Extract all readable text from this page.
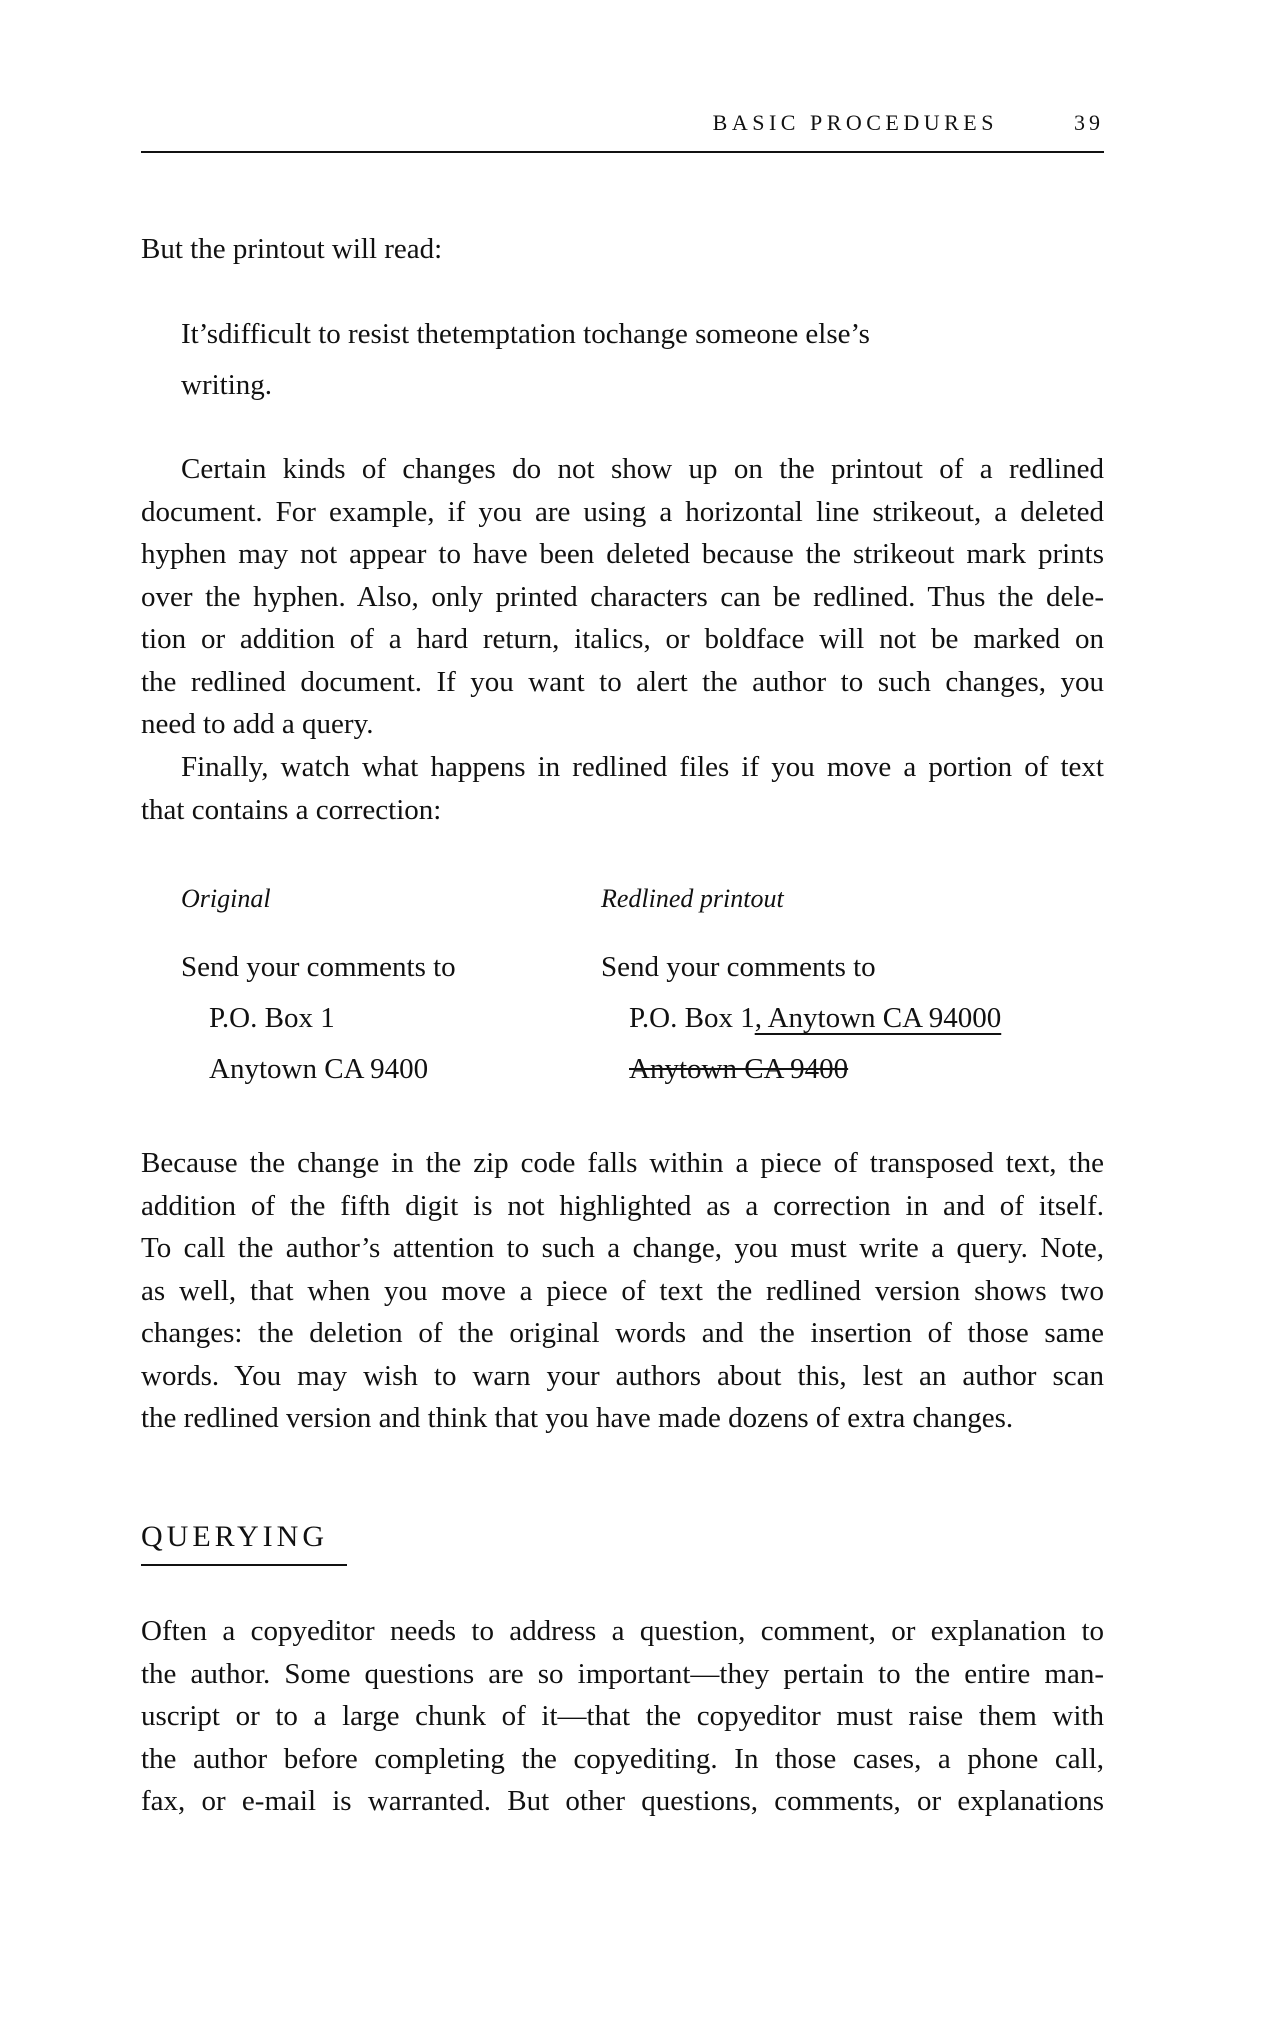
BASIC PROCEDURES	39

But the printout will read:

It’sdifficult to resist thetemptation tochange someone else’s
writing.
Certain kinds of changes do not show up on the printout of a redlined
document. For example, if you are using a horizontal line strikeout, a deleted
hyphen may not appear to have been deleted because the strikeout mark prints
over the hyphen. Also, only printed characters can be redlined. Thus the dele-
tion or addition of a hard return, italics, or boldface will not be marked on
the redlined document. If you want to alert the author to such changes, you
need to add a query.
Finally, watch what happens in redlined files if you move a portion of text
that contains a correction:
Original	Redlined printout
Send your comments to
P.O. Box 1
Anytown CA 9400
Send your comments to
P.O. Box 1, Anytown CA 94000
Anytown CA 9400
Because the change in the zip code falls within a piece of transposed text, the
addition of the fifth digit is not highlighted as a correction in and of itself.
To call the author’s attention to such a change, you must write a query. Note,
as well, that when you move a piece of text the redlined version shows two
changes: the deletion of the original words and the insertion of those same
words. You may wish to warn your authors about this, lest an author scan
the redlined version and think that you have made dozens of extra changes.
QUERYING
Often a copyeditor needs to address a question, comment, or explanation to
the author. Some questions are so important—they pertain to the entire man-
uscript or to a large chunk of it—that the copyeditor must raise them with
the author before completing the copyediting. In those cases, a phone call,
fax, or e-mail is warranted. But other questions, comments, or explanations
